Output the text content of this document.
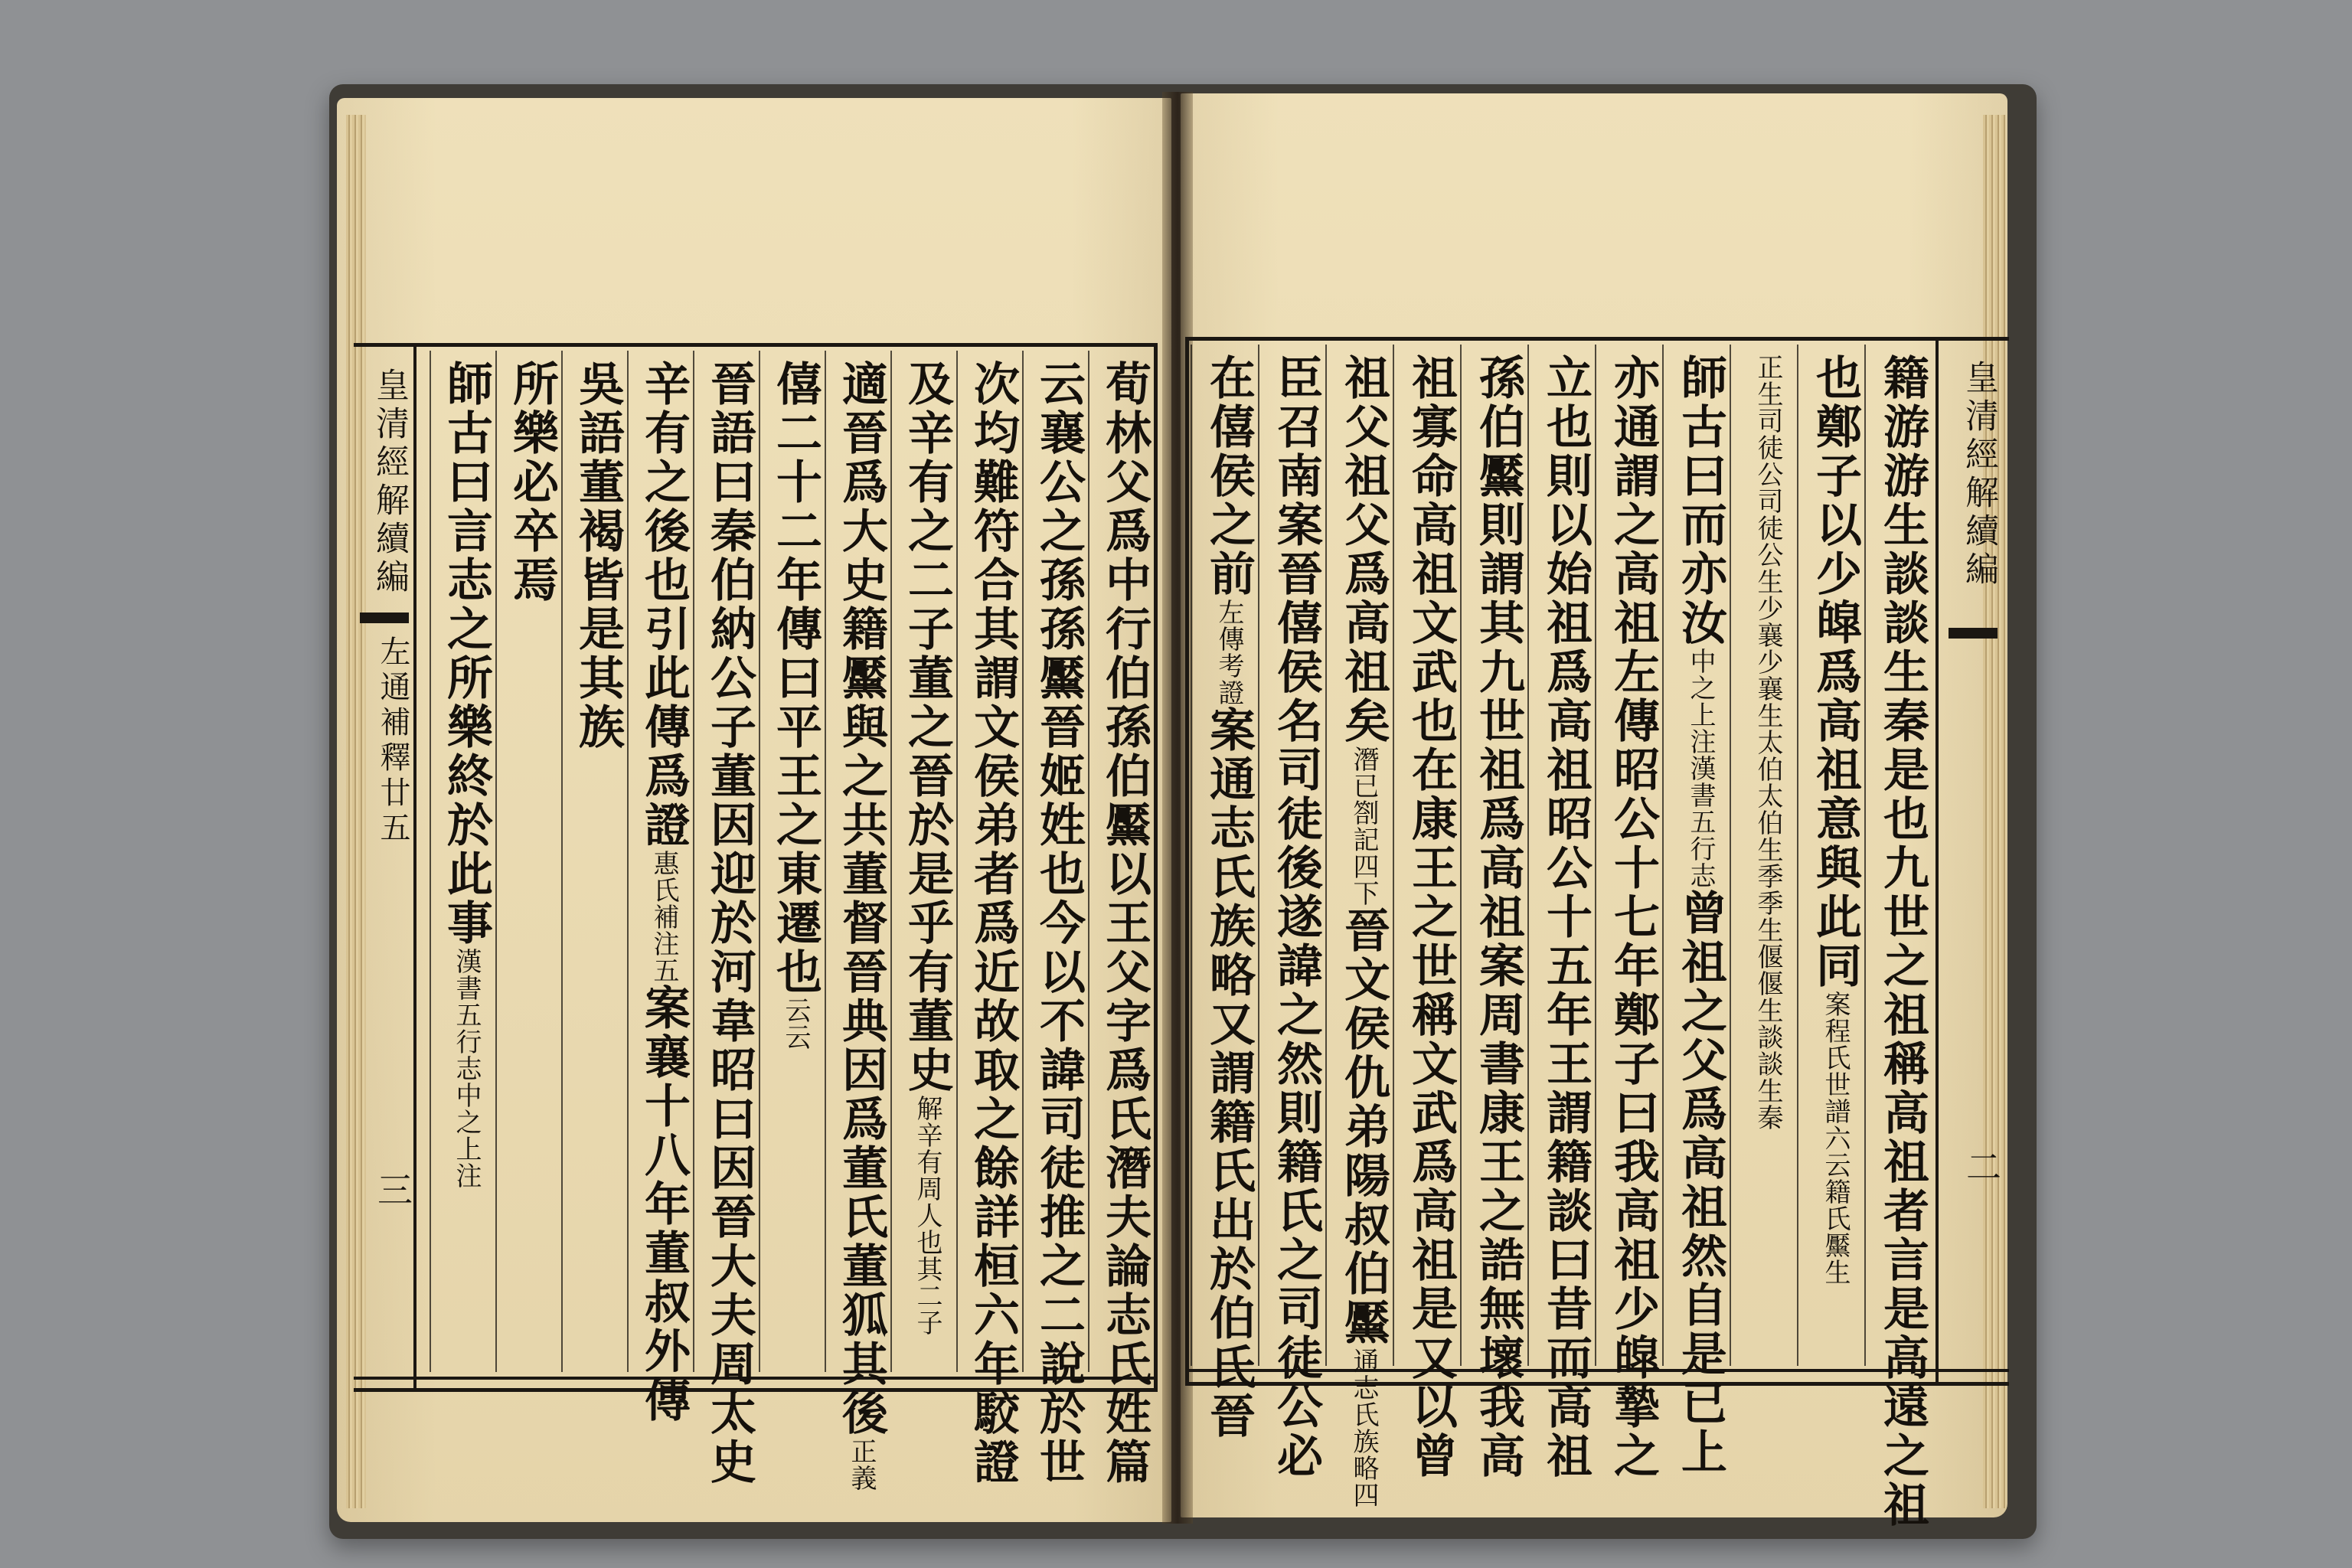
皇清經解續編
左通補釋廿五
三
皇清經解續編
二
荀林父爲中行伯孫伯黶以王父字爲氏潛夫論志氏姓篇
云襄公之孫孫黶晉姬姓也今以不諱司徒推之二說於世
次均難符合其謂文侯弟者爲近故取之餘詳桓六年駮證
及辛有之二子董之晉於是乎有董史解辛有周人也其二子
適晉爲大史籍黶與之共董督晉典因爲董氏董狐其後正義
僖二十二年傳曰平王之東遷也云云
晉語曰秦伯納公子董因迎於河韋昭曰因晉大夫周太史
辛有之後也引此傳爲證惠氏補注五案襄十八年董叔外傳
吳語董褐皆是其族
所樂必卒焉
師古曰言志之所樂終於此事漢書五行志中之上注	籍游游生談談生秦是也九世之祖稱高祖者言是高遠之祖
也鄭子以少皡爲高祖意與此同案程氏世譜六云籍氏黶生
正生司徒公司徒公生少襄少襄生太伯太伯生季季生偃偃生談談生秦
師古曰而亦汝中之上注漢書五行志曾祖之父爲高祖然自是已上
亦通謂之高祖左傳昭公十七年鄭子曰我高祖少皡摯之
立也則以始祖爲高祖昭公十五年王謂籍談曰昔而高祖
孫伯黶則謂其九世祖爲高祖案周書康王之誥無壞我高
祖寡命高祖文武也在康王之世稱文武爲高祖是又以曾
祖父祖父爲高祖矣潛已劄記四下晉文侯仇弟陽叔伯黶通志氏族略四
臣召南案晉僖侯名司徒後遂諱之然則籍氏之司徒公必
在僖侯之前左傳考證案通志氏族略又謂籍氏出於伯氏晉
